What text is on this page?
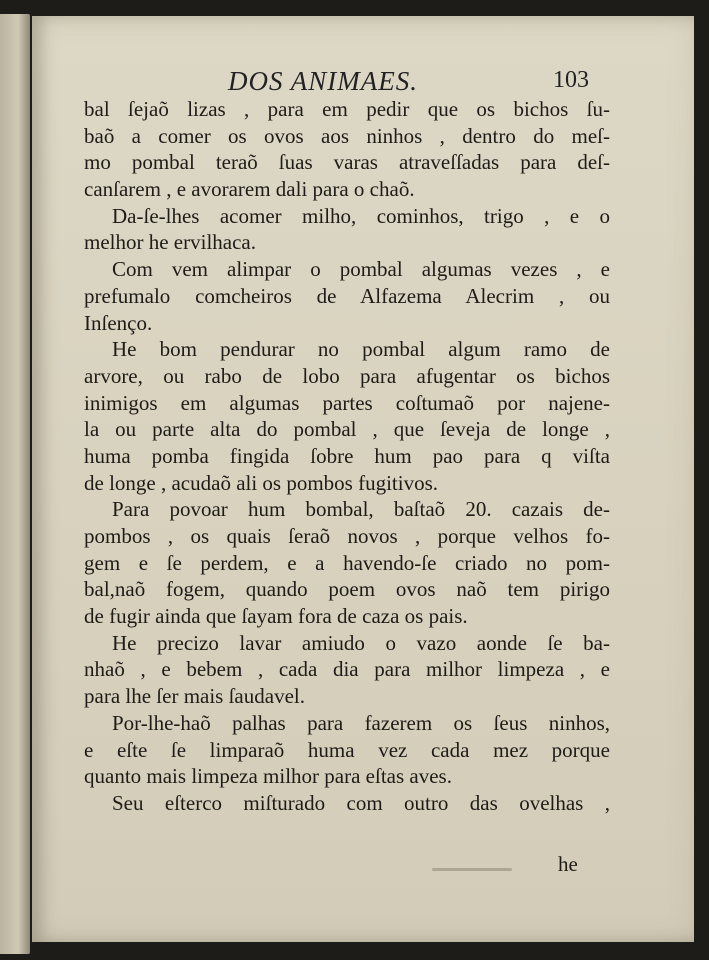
DOS ANIMAES.	103
bal ſejaõ lizas , para em pedir que os bichos ſu-
baõ a comer os ovos aos ninhos , dentro do meſ-
mo pombal teraõ ſuas varas atraveſſadas para deſ-
canſarem , e avorarem dali para o chaõ.
Da-ſe-lhes acomer milho, cominhos, trigo , e o
melhor he ervilhaca.
Com vem alimpar o pombal algumas vezes , e
prefumalo comcheiros de Alfazema Alecrim , ou
Inſenço.
He bom pendurar no pombal algum ramo de
arvore, ou rabo de lobo para afugentar os bichos
inimigos em algumas partes coſtumaõ por najene-
la ou parte alta do pombal , que ſeveja de longe ,
huma pomba fingida ſobre hum pao para q viſta
de longe , acudaõ ali os pombos fugitivos.
Para povoar hum bombal, baſtaõ 20. cazais de-
pombos , os quais ſeraõ novos , porque velhos fo-
gem e ſe perdem, e a havendo-ſe criado no pom-
bal,naõ fogem, quando poem ovos naõ tem pirigo
de fugir ainda que ſayam fora de caza os pais.
He precizo lavar amiudo o vazo aonde ſe ba-
nhaõ , e bebem , cada dia para milhor limpeza , e
para lhe ſer mais ſaudavel.
Por-lhe-haõ palhas para fazerem os ſeus ninhos,
e eſte ſe limparaõ huma vez cada mez porque
quanto mais limpeza milhor para eſtas aves.
Seu eſterco miſturado com outro das ovelhas ,
he
